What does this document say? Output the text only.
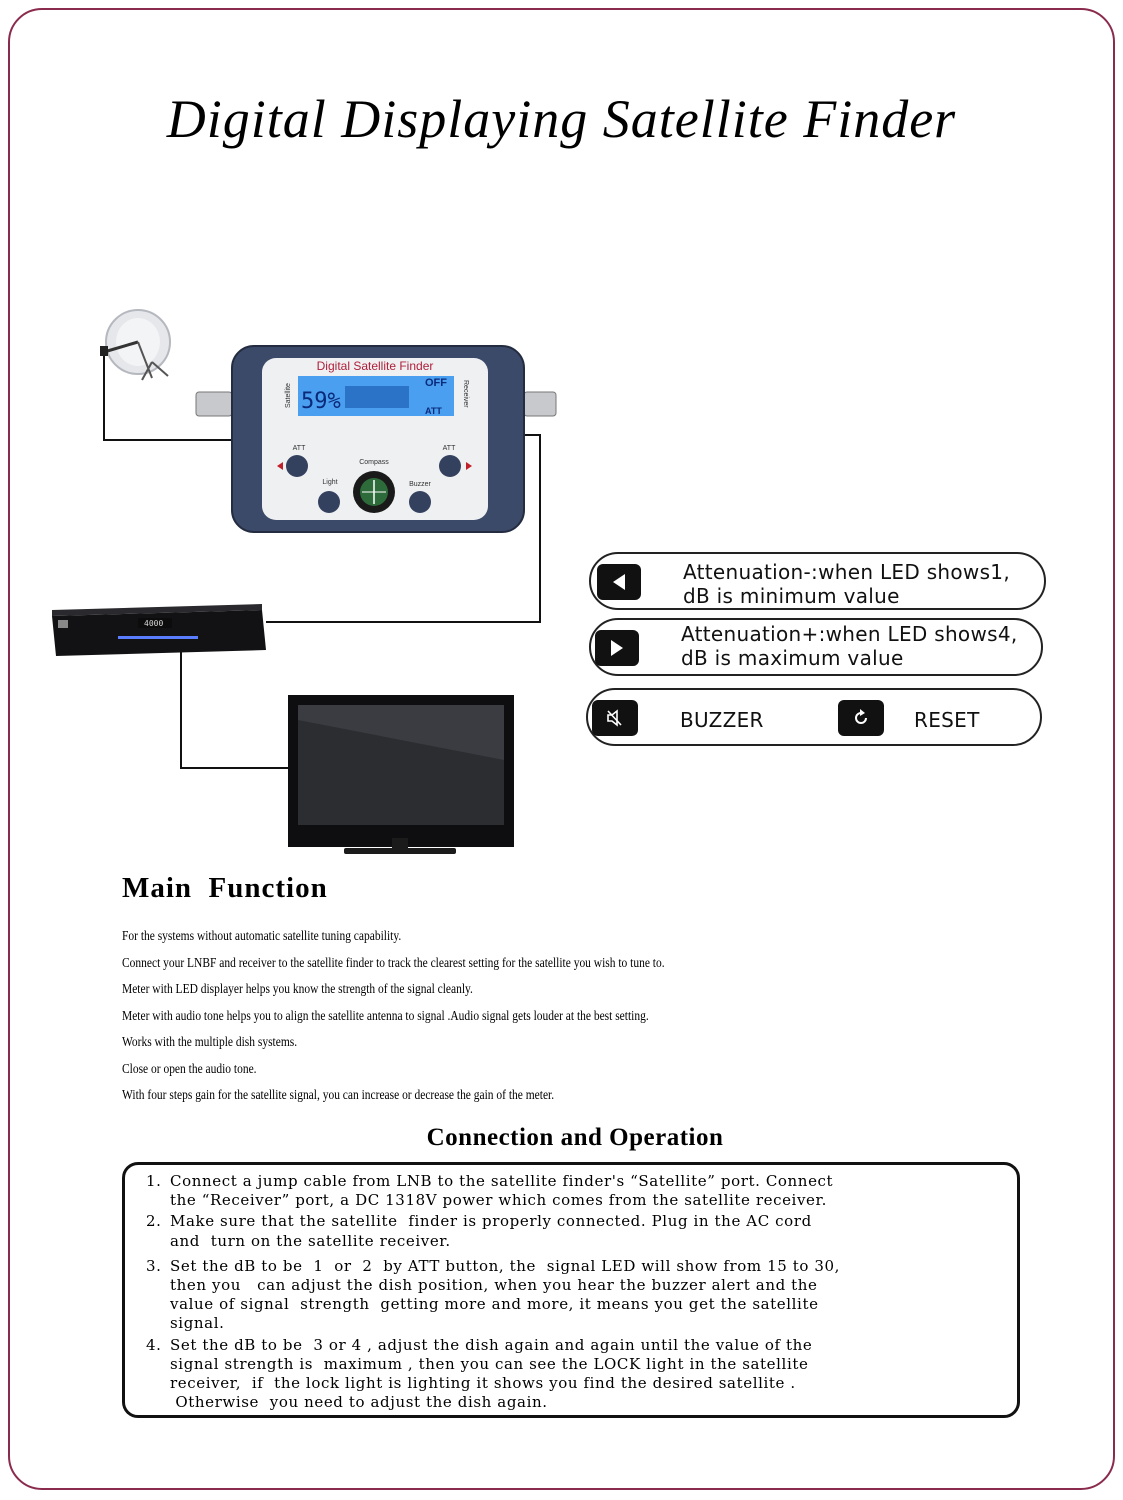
Digital Displaying Satellite Finder
59%
OFF
ATT
Digital Satellite Finder
Satellite	Receiver
ATT	ATT
Compass
Light	Buzzer
4000
Attenuation-:when LED shows1,
dB is minimum value
Attenuation+:when LED shows4,
dB is maximum value
BUZZER	RESET
Main  Function
For the systems without automatic satellite tuning capability.
Connect your LNBF and receiver to the satellite finder to track the clearest setting for the satellite you wish to tune to.
Meter with LED displayer helps you know the strength of the signal cleanly.
Meter with audio tone helps you to align the satellite antenna to signal .Audio signal gets louder at the best setting.
Works with the multiple dish systems.
Close or open the audio tone.
With four steps gain for the satellite signal, you can increase or decrease the gain of the meter.
Connection and Operation
1. Connect a jump cable from LNB to the satellite finder's “Satellite” port. Connect
the “Receiver” port, a DC 1318V power which comes from the satellite receiver.
2. Make sure that the satellite  finder is properly connected. Plug in the AC cord
and  turn on the satellite receiver.
3. Set the dB to be  1  or  2  by ATT button, the  signal LED will show from 15 to 30,
then you   can adjust the dish position, when you hear the buzzer alert and the
value of signal  strength  getting more and more, it means you get the satellite
signal.
4. Set the dB to be  3 or 4 , adjust the dish again and again until the value of the
signal strength is  maximum , then you can see the LOCK light in the satellite
receiver,  if  the lock light is lighting it shows you find the desired satellite .
Otherwise  you need to adjust the dish again.
